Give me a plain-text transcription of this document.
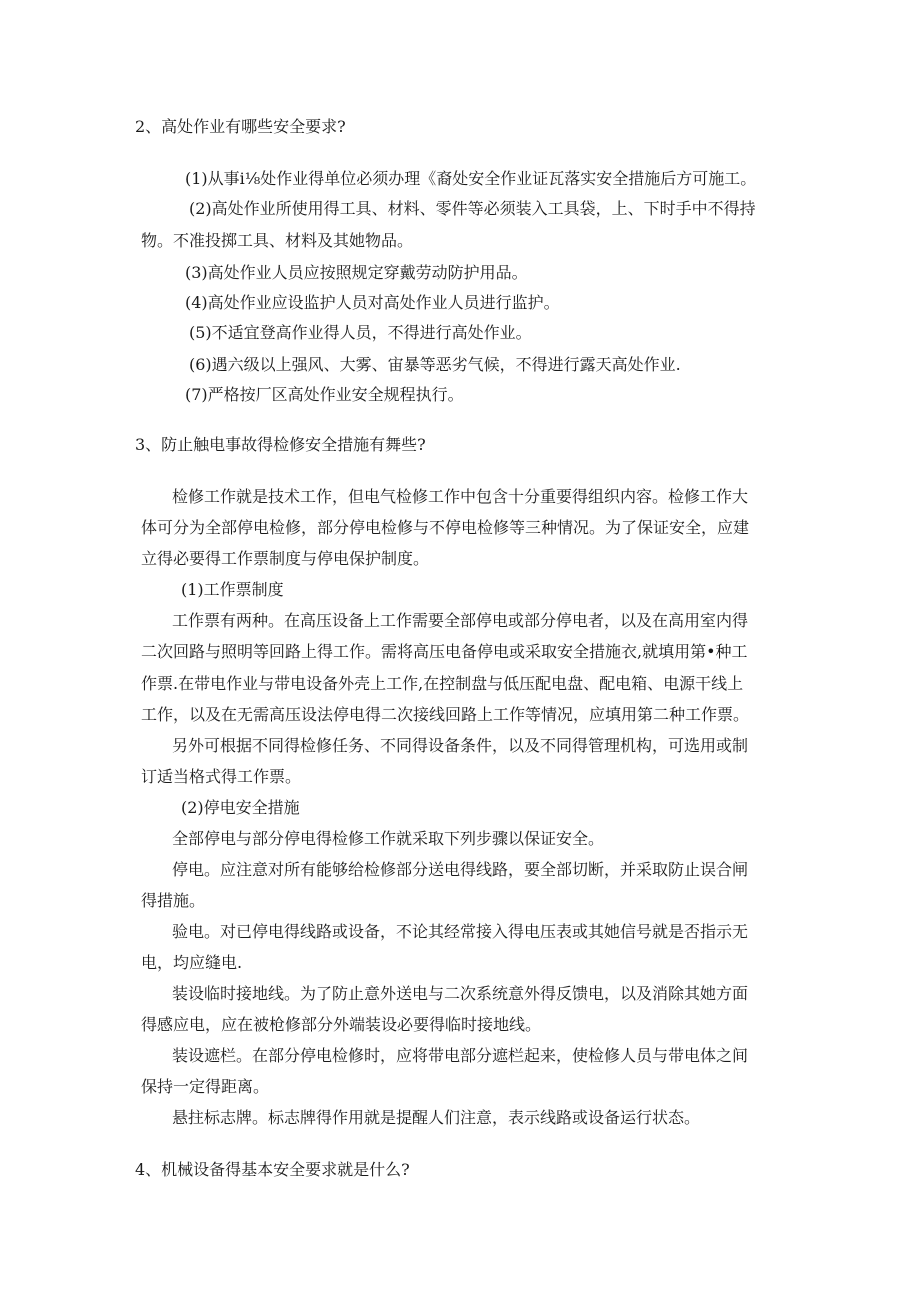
2、高处作业有哪些安全要求?

(1)从事i⅛处作业得单位必须办理《裔处安全作业证瓦落实安全措施后方可施工。

(2)高处作业所使用得工具、材料、零件等必须装入工具袋，上、下时手中不得持

物。不准投掷工具、材料及其她物品。

(3)高处作业人员应按照规定穿戴劳动防护用品。

(4)高处作业应设监护人员对高处作业人员进行监护。

(5)不适宜登高作业得人员，不得进行高处作业。

(6)遇六级以上强风、大雾、宙暴等恶劣气候，不得进行露天高处作业.

(7)严格按厂区高处作业安全规程执行。

3、防止触电事故得检修安全措施有舞些?

检修工作就是技术工作，但电气检修工作中包含十分重要得组织内容。检修工作大

体可分为全部停电检修，部分停电检修与不停电检修等三种情况。为了保证安全，应建

立得必要得工作票制度与停电保护制度。

(1)工作票制度

工作票有两种。在高压设备上工作需要全部停电或部分停电者，以及在高用室内得

二次回路与照明等回路上得工作。需将高压电备停电或采取安全措施衣,就填用第•种工

作票.在带电作业与带电设备外壳上工作,在控制盘与低压配电盘、配电箱、电源干线上

工作，以及在无需高压设法停电得二次接线回路上工作等情况，应填用第二种工作票。

另外可根据不同得检修任务、不同得设备条件，以及不同得管理机构，可选用或制

订适当格式得工作票。

(2)停电安全措施

全部停电与部分停电得检修工作就采取下列步骤以保证安全。

停电。应注意对所有能够给检修部分送电得线路，要全部切断，并采取防止误合闸

得措施。

验电。对已停电得线路或设备，不论其经常接入得电压表或其她信号就是否指示无

电，均应缝电.

装设临时接地线。为了防止意外送电与二次系统意外得反馈电，以及消除其她方面

得感应电，应在被枪修部分外端装设必要得临时接地线。

装设遮栏。在部分停电检修时，应将带电部分遮栏起来，使检修人员与带电体之间

保持一定得距离。

悬拄标志牌。标志牌得作用就是提醒人们注意，表示线路或设备运行状态。

4、机械设备得基本安全要求就是什么?
